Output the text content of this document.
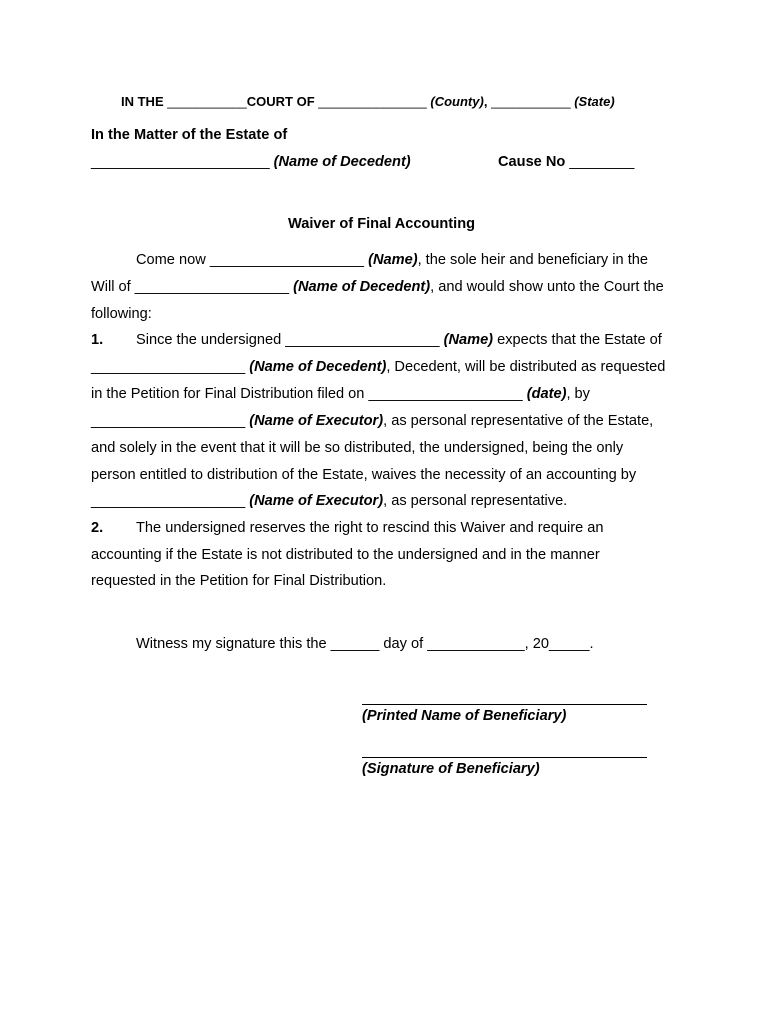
IN THE ___________COURT OF _______________ (County), ___________ (State)
In the Matter of the Estate of
______________________ (Name of Decedent)	Cause No ________
Waiver of Final Accounting
Come now ___________________ (Name), the sole heir and beneficiary in the
Will of ___________________ (Name of Decedent), and would show unto the Court the
following:
1. Since the undersigned ___________________ (Name) expects that the Estate of
___________________ (Name of Decedent), Decedent, will be distributed as requested
in the Petition for Final Distribution filed on ___________________ (date), by
___________________ (Name of Executor), as personal representative of the Estate,
and solely in the event that it will be so distributed, the undersigned, being the only
person entitled to distribution of the Estate, waives the necessity of an accounting by
___________________ (Name of Executor), as personal representative.
2. The undersigned reserves the right to rescind this Waiver and require an
accounting if the Estate is not distributed to the undersigned and in the manner
requested in the Petition for Final Distribution.
Witness my signature this the ______ day of ____________, 20_____.
(Printed Name of Beneficiary)
(Signature of Beneficiary)
